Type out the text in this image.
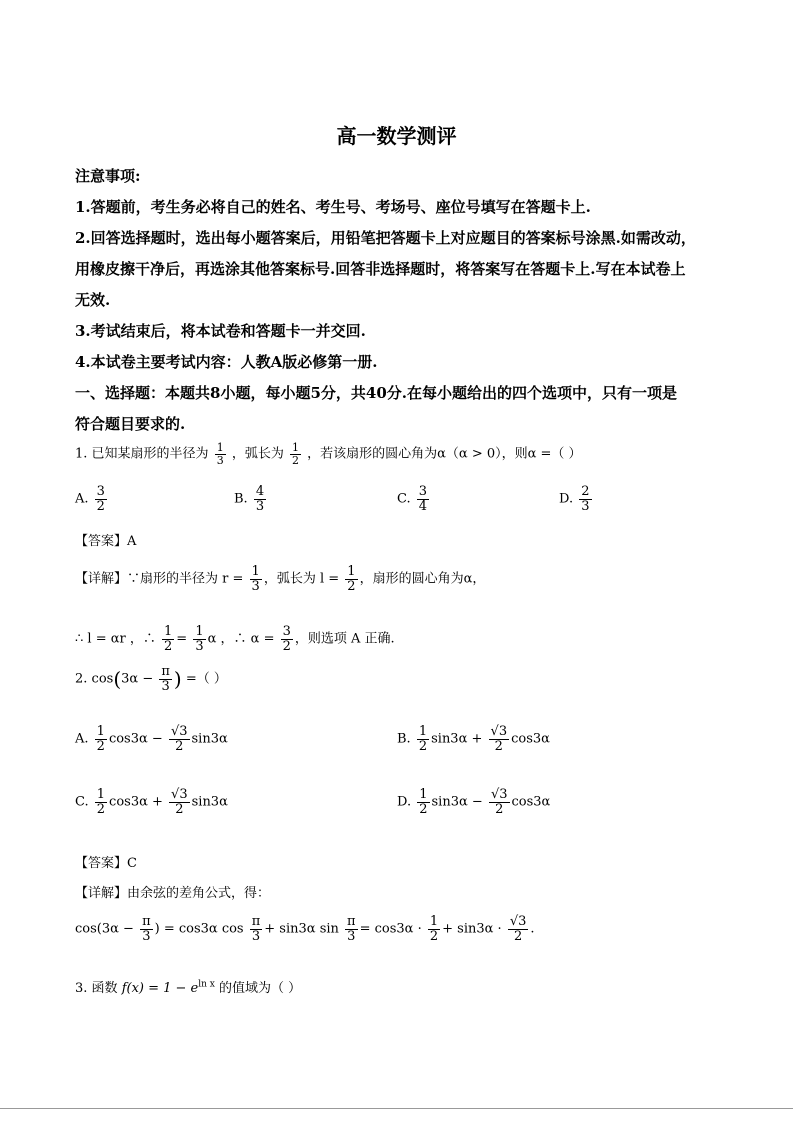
高一数学测评
注意事项:
1.答题前，考生务必将自己的姓名、考生号、考场号、座位号填写在答题卡上.
2.回答选择题时，选出每小题答案后，用铅笔把答题卡上对应题目的答案标号涂黑.如需改动，
用橡皮擦干净后，再选涂其他答案标号.回答非选择题时，将答案写在答题卡上.写在本试卷上
无效.
3.考试结束后，将本试卷和答题卡一并交回.
4.本试卷主要考试内容：人教A版必修第一册.
一、选择题：本题共8小题，每小题5分，共40分.在每小题给出的四个选项中，只有一项是
符合题目要求的.
1. 已知某扇形的半径为 $\frac{1}{3}$ ，弧长为 $\frac{1}{2}$ ，若该扇形的圆心角为α（α > 0），则α =（ ）
A. $\frac{3}{2}$	B. $\frac{4}{3}$	C. $\frac{3}{4}$	D. $\frac{2}{3}$
【答案】A
【详解】∵扇形的半径为 $r = \frac{1}{3}$ ，弧长为 $l = \frac{1}{2}$ ，扇形的圆心角为α，
∴ l = αr ，∴ $\frac{1}{2} = \frac{1}{3}$ α ，∴ $\alpha = \frac{3}{2}$ ，则选项 A 正确.
2. $\cos(3\alpha - \frac{\pi}{3}$ ) =（ ）
A. $\frac{1}{2} \cos 3\alpha - \frac{√3}{2} \sin 3\alpha$	B. $\frac{1}{2} \sin 3\alpha + \frac{√3}{2} \cos 3\alpha$
C. $\frac{1}{2} \cos 3\alpha + \frac{√3}{2} \sin 3\alpha$	D. $\frac{1}{2} \sin 3\alpha - \frac{√3}{2} \cos 3\alpha$
【答案】C
【详解】由余弦的差角公式，得：
$\cos(3\alpha - \frac{\pi}{3}$ ) = cos3α $\cos \frac{\pi}{3} + \sin 3\alpha$ $\sin \frac{\pi}{3} = \cos 3\alpha \cdot \frac{1}{2} + \sin 3\alpha \cdot \frac{√3}{2}$ .
3. 函数 $f(x) = 1 - e^{ln x}$ 的值域为（ ）
